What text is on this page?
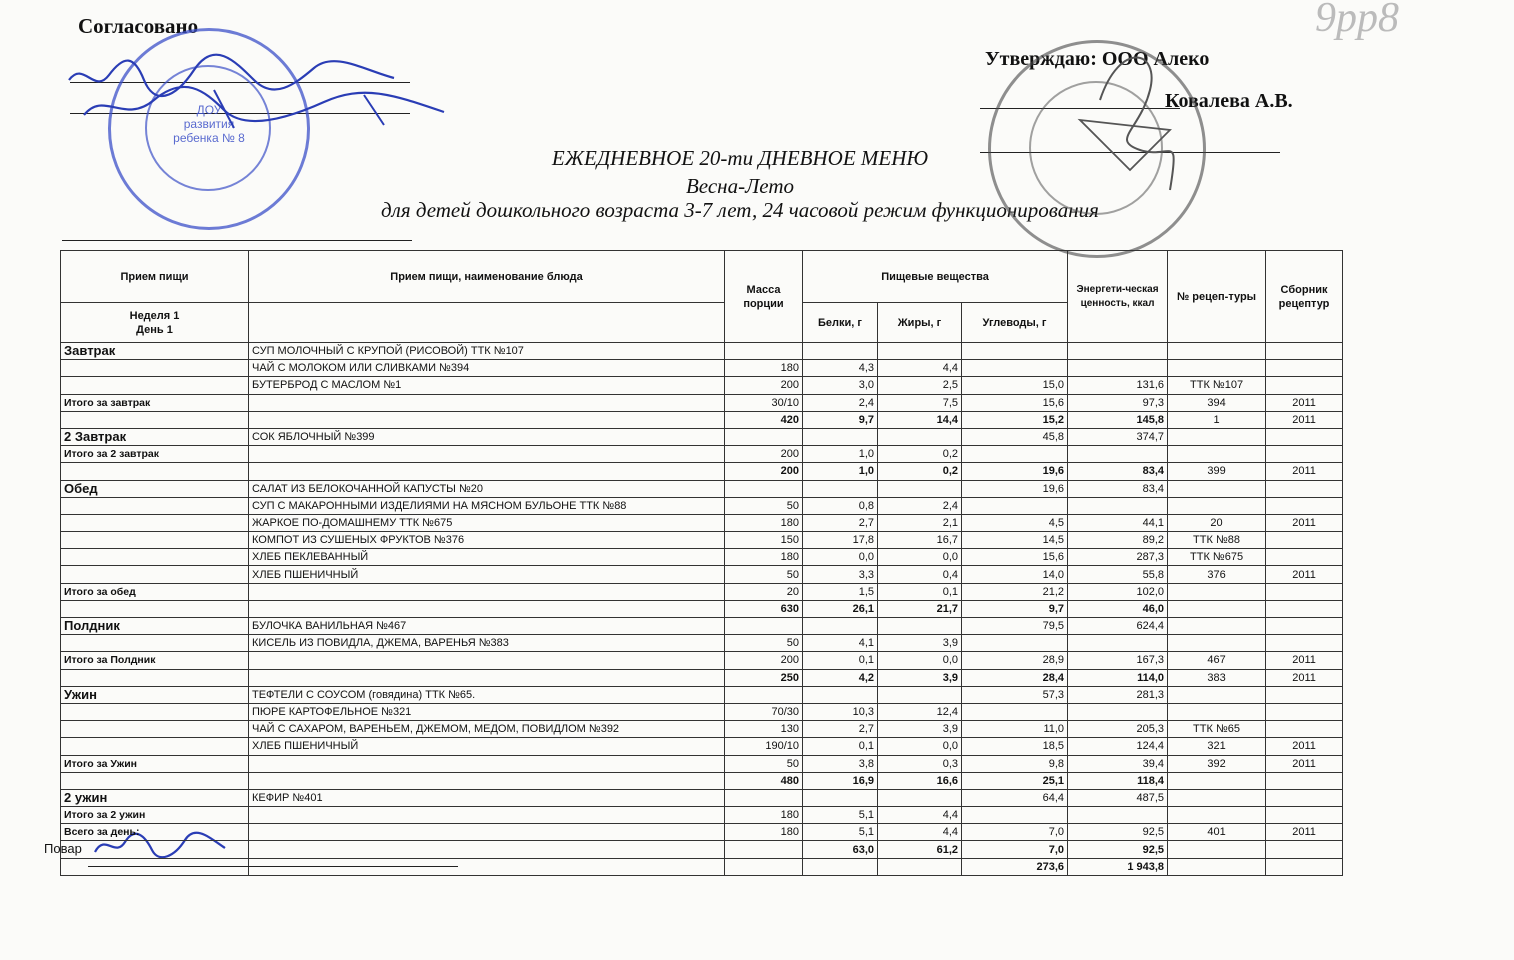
Согласовано
Утверждаю: ООО Алеко
Ковалева А.В.
9рр8
ЕЖЕДНЕВНОЕ 20-ти ДНЕВНОЕ МЕНЮ
Весна-Лето
для детей дошкольного возраста 3-7 лет, 24 часовой режим функционирования
ДОУ
развития ребенка № 8
Прием пищи	Прием пищи, наименование блюда	Масса порции	Пищевые вещества			Энергети-ческая ценность, ккал	№ рецеп-туры	Сборник рецептур

Неделя 1
День 1			Белки, г	Жиры, г	Углеводы, г			

Завтрак	СУП МОЛОЧНЫЙ С КРУПОЙ (РИСОВОЙ) ТТК №107							
	ЧАЙ С МОЛОКОМ ИЛИ СЛИВКАМИ №394	180	4,3	4,4				
	БУТЕРБРОД С МАСЛОМ №1	200	3,0	2,5	15,0	131,6	ТТК №107	
Итого за завтрак		30/10	2,4	7,5	15,6	97,3	394	2011
		420	9,7	14,4	15,2	145,8	1	2011
2 Завтрак	СОК ЯБЛОЧНЫЙ №399				45,8	374,7		
Итого за 2 завтрак		200	1,0	0,2				
		200	1,0	0,2	19,6	83,4	399	2011
Обед	САЛАТ ИЗ БЕЛОКОЧАННОЙ КАПУСТЫ №20				19,6	83,4		
	СУП С МАКАРОННЫМИ ИЗДЕЛИЯМИ НА МЯСНОМ БУЛЬОНЕ ТТК №88	50	0,8	2,4				
	ЖАРКОЕ ПО-ДОМАШНЕМУ ТТК №675	180	2,7	2,1	4,5	44,1	20	2011
	КОМПОТ ИЗ СУШЕНЫХ ФРУКТОВ №376	150	17,8	16,7	14,5	89,2	ТТК №88	
	ХЛЕБ ПЕКЛЕВАННЫЙ	180	0,0	0,0	15,6	287,3	ТТК №675	
	ХЛЕБ ПШЕНИЧНЫЙ	50	3,3	0,4	14,0	55,8	376	2011
Итого за обед		20	1,5	0,1	21,2	102,0		
		630	26,1	21,7	9,7	46,0		
Полдник	БУЛОЧКА ВАНИЛЬНАЯ №467				79,5	624,4		
	КИСЕЛЬ ИЗ ПОВИДЛА, ДЖЕМА, ВАРЕНЬЯ №383	50	4,1	3,9				
Итого за Полдник		200	0,1	0,0	28,9	167,3	467	2011
		250	4,2	3,9	28,4	114,0	383	2011
Ужин	ТЕФТЕЛИ С СОУСОМ (говядина) ТТК №65.				57,3	281,3		
	ПЮРЕ КАРТОФЕЛЬНОЕ №321	70/30	10,3	12,4				
	ЧАЙ С САХАРОМ, ВАРЕНЬЕМ, ДЖЕМОМ, МЕДОМ, ПОВИДЛОМ №392	130	2,7	3,9	11,0	205,3	ТТК №65	
	ХЛЕБ ПШЕНИЧНЫЙ	190/10	0,1	0,0	18,5	124,4	321	2011
Итого за Ужин		50	3,8	0,3	9,8	39,4	392	2011
		480	16,9	16,6	25,1	118,4		
2 ужин	КЕФИР №401				64,4	487,5		
Итого за 2 ужин		180	5,1	4,4				
Всего за день:		180	5,1	4,4	7,0	92,5	401	2011
			63,0	61,2	7,0	92,5		
					273,6	1 943,8		
Повар
